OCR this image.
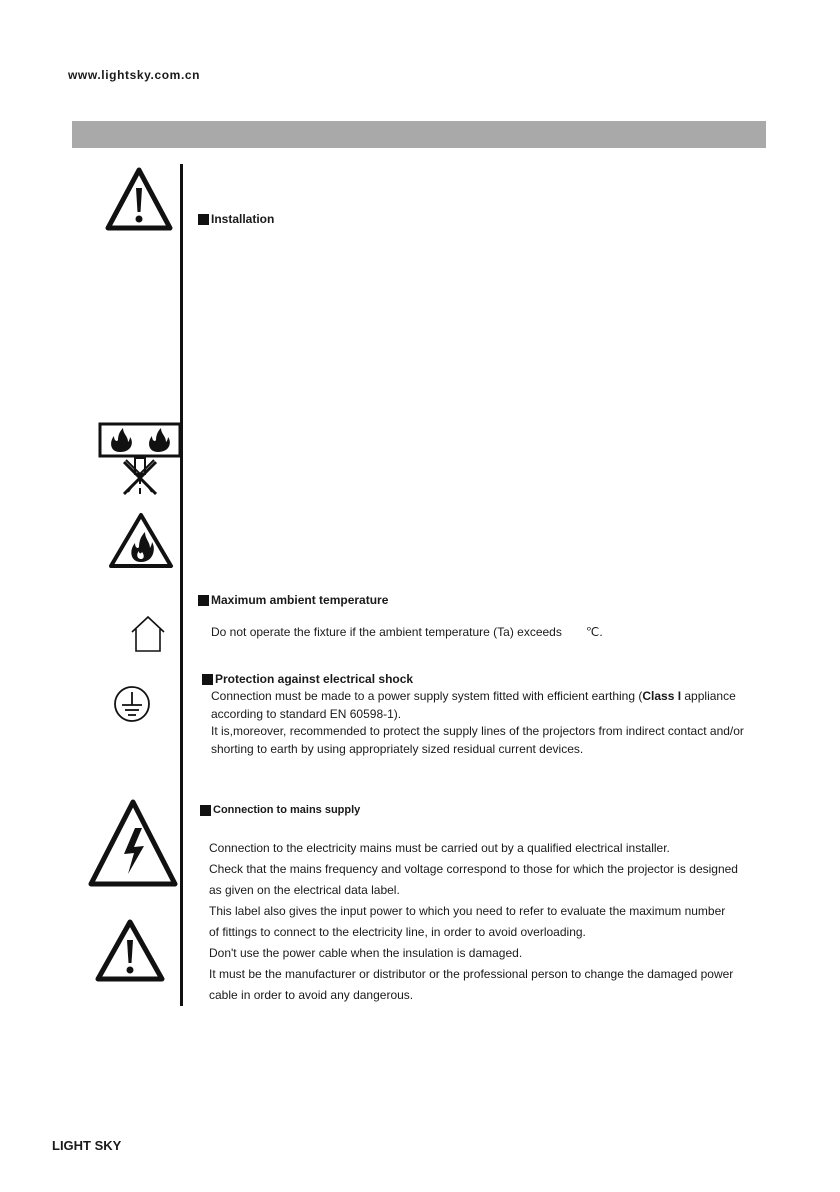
www.lightsky.com.cn
Installation
Maximum ambient temperature

Do not operate the fixture if the ambient temperature (Ta) exceeds ℃.

Protection against electrical shock

Connection must be made to a power supply system fitted with efficient earthing (Class I appliance
according to standard EN 60598-1).
It is,moreover, recommended to protect the supply lines of the projectors from indirect contact and/or
shorting to earth by using appropriately sized residual current devices.

Connection to mains supply

Connection to the electricity mains must be carried out by a qualified electrical installer.
Check that the mains frequency and voltage correspond to those for which the projector is designed
as given on the electrical data label.
This label also gives the input power to which you need to refer to evaluate the maximum number
of fittings to connect to the electricity line, in order to avoid overloading.
Don't use the power cable when the insulation is damaged.
It must be the manufacturer or distributor or the professional person to change the damaged power
cable in order to avoid any dangerous.

LIGHT SKY
